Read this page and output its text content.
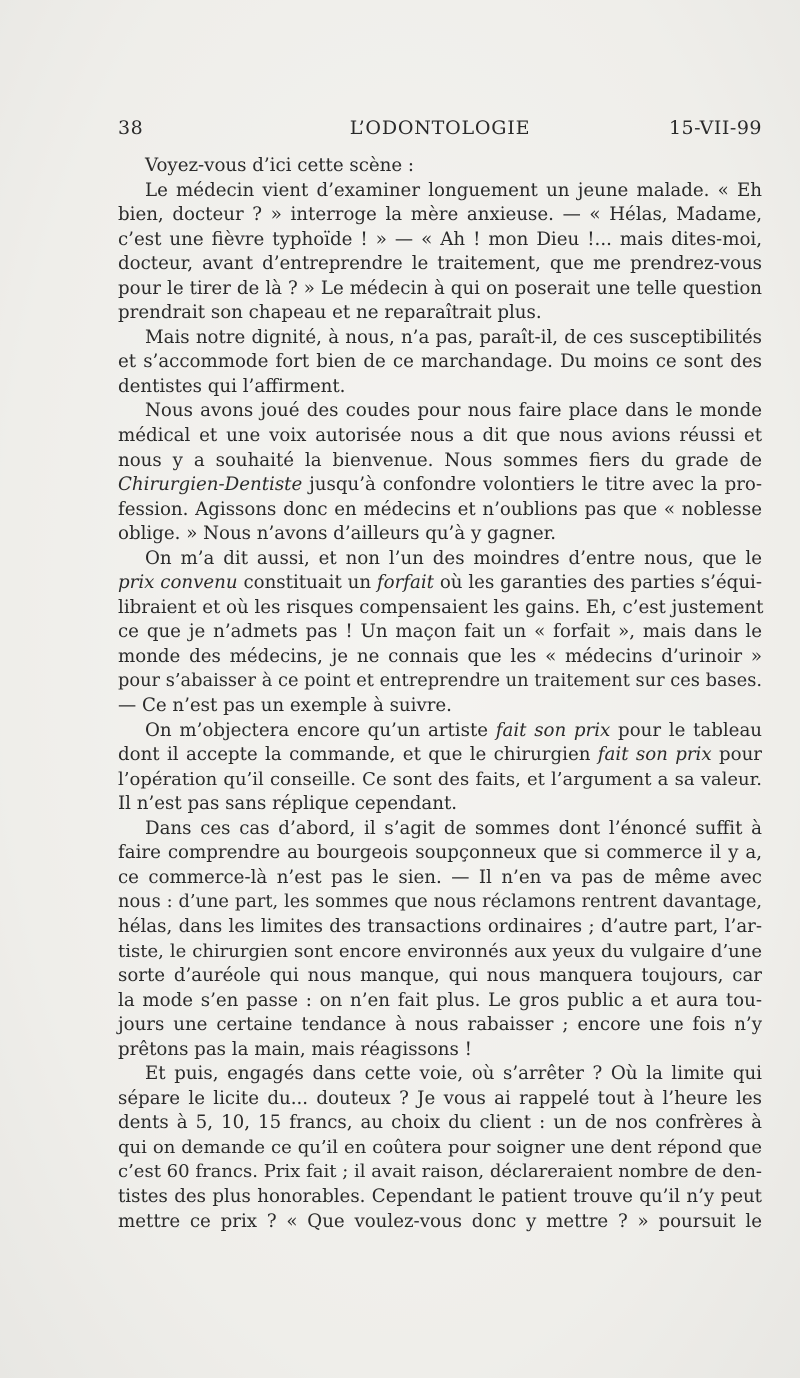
38	L’ODONTOLOGIE	15-VII-99
Voyez-vous d’ici cette scène :
Le médecin vient d’examiner longuement un jeune malade. « Eh
bien, docteur ? » interroge la mère anxieuse. — « Hélas, Madame,
c’est une fièvre typhoïde ! » — « Ah ! mon Dieu !... mais dites-moi,
docteur, avant d’entreprendre le traitement, que me prendrez-vous
pour le tirer de là ? » Le médecin à qui on poserait une telle question
prendrait son chapeau et ne reparaîtrait plus.
Mais notre dignité, à nous, n’a pas, paraît-il, de ces susceptibilités
et s’accommode fort bien de ce marchandage. Du moins ce sont des
dentistes qui l’affirment.
Nous avons joué des coudes pour nous faire place dans le monde
médical et une voix autorisée nous a dit que nous avions réussi et
nous y a souhaité la bienvenue. Nous sommes fiers du grade de
Chirurgien-Dentiste jusqu’à confondre volontiers le titre avec la pro-
fession. Agissons donc en médecins et n’oublions pas que « noblesse
oblige. » Nous n’avons d’ailleurs qu’à y gagner.
On m’a dit aussi, et non l’un des moindres d’entre nous, que le
prix convenu constituait un forfait où les garanties des parties s’équi-
libraient et où les risques compensaient les gains. Eh, c’est justement
ce que je n’admets pas ! Un maçon fait un « forfait », mais dans le
monde des médecins, je ne connais que les « médecins d’urinoir »
pour s’abaisser à ce point et entreprendre un traitement sur ces bases.
— Ce n’est pas un exemple à suivre.
On m’objectera encore qu’un artiste fait son prix pour le tableau
dont il accepte la commande, et que le chirurgien fait son prix pour
l’opération qu’il conseille. Ce sont des faits, et l’argument a sa valeur.
Il n’est pas sans réplique cependant.
Dans ces cas d’abord, il s’agit de sommes dont l’énoncé suffit à
faire comprendre au bourgeois soupçonneux que si commerce il y a,
ce commerce-là n’est pas le sien. — Il n’en va pas de même avec
nous : d’une part, les sommes que nous réclamons rentrent davantage,
hélas, dans les limites des transactions ordinaires ; d’autre part, l’ar-
tiste, le chirurgien sont encore environnés aux yeux du vulgaire d’une
sorte d’auréole qui nous manque, qui nous manquera toujours, car
la mode s’en passe : on n’en fait plus. Le gros public a et aura tou-
jours une certaine tendance à nous rabaisser ; encore une fois n’y
prêtons pas la main, mais réagissons !
Et puis, engagés dans cette voie, où s’arrêter ? Où la limite qui
sépare le licite du... douteux ? Je vous ai rappelé tout à l’heure les
dents à 5, 10, 15 francs, au choix du client : un de nos confrères à
qui on demande ce qu’il en coûtera pour soigner une dent répond que
c’est 60 francs. Prix fait ; il avait raison, déclareraient nombre de den-
tistes des plus honorables. Cependant le patient trouve qu’il n’y peut
mettre ce prix ? « Que voulez-vous donc y mettre ? » poursuit le
